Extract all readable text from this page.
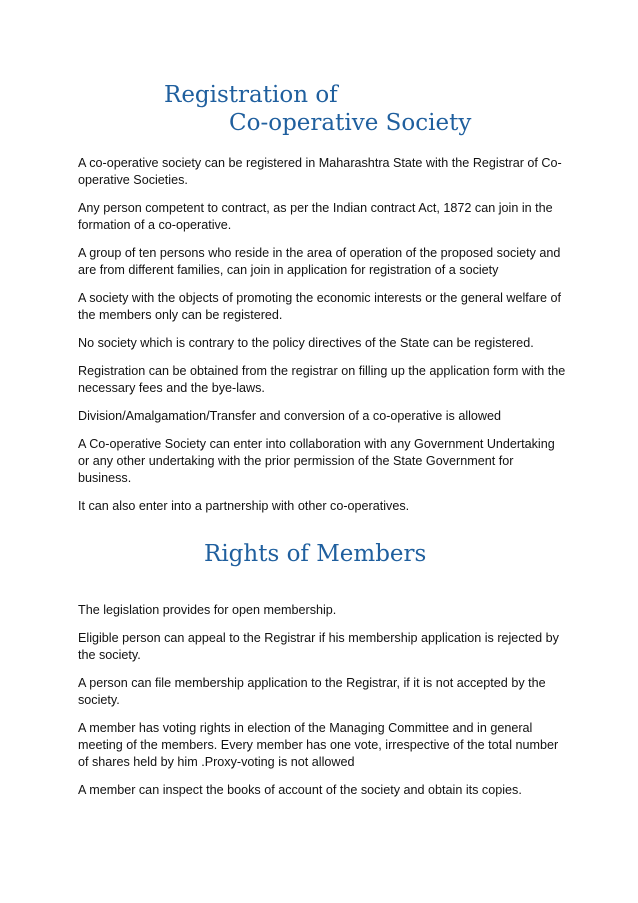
Registration of
Co-operative Society

A co-operative society can be registered in Maharashtra State with the Registrar of Co-operative Societies.

Any person competent to contract, as per the Indian contract Act, 1872 can join in the formation of a co-operative.

A group of ten persons who reside in the area of operation of the proposed society and are from different families, can join in application for registration of a society

A society with the objects of promoting the economic interests or the general welfare of the members only can be registered.

No society which is contrary to the policy directives of the State can be registered.

Registration can be obtained from the registrar on filling up the application form with the necessary fees and the bye-laws.

Division/Amalgamation/Transfer and conversion of a co-operative is allowed

A Co-operative Society can enter into collaboration with any Government Undertaking or any other undertaking with the prior permission of the State Government for business.

It can also enter into a partnership with other co-operatives.

Rights of Members

The legislation provides for open membership.

Eligible person can appeal to the Registrar if his membership application is rejected by the society.

A person can file membership application to the Registrar, if it is not accepted by the society.

A member has voting rights in election of the Managing Committee and in general meeting of the members. Every member has one vote, irrespective of the total number of shares held by him .Proxy-voting is not allowed

A member can inspect the books of account of the society and obtain its copies.
